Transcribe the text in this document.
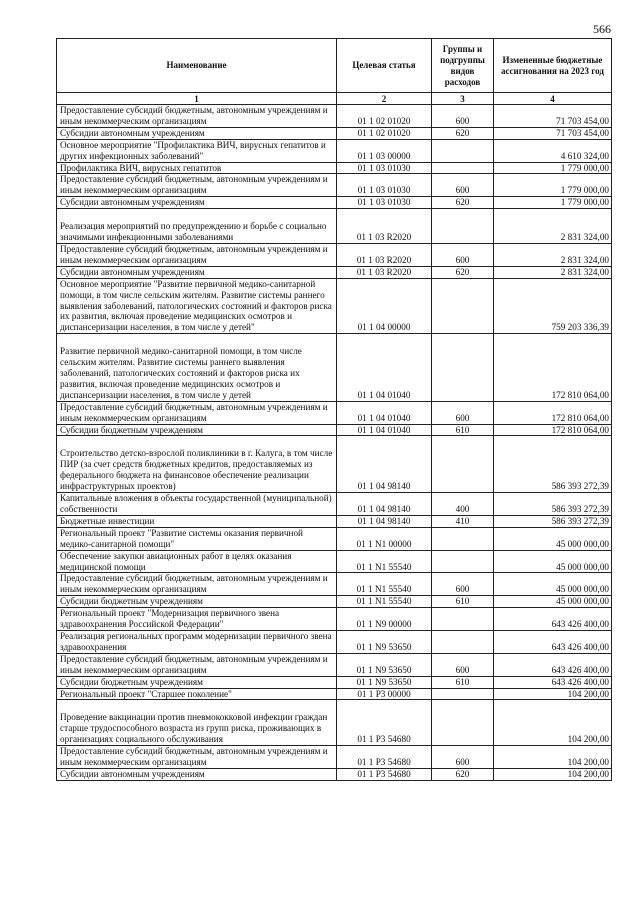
566
Наименование	Целевая статья	Группы и подгруппы видов расходов	Измененные бюджетные ассигнования на 2023 год
1	2	3	4
Предоставление субсидий бюджетным, автономным учреждениям и иным некоммерческим организациям	01 1 02 01020	600	71 703 454,00
Субсидии автономным учреждениям	01 1 02 01020	620	71 703 454,00
Основное мероприятие "Профилактика ВИЧ, вирусных гепатитов и других инфекционных заболеваний"	01 1 03 00000		4 610 324,00
Профилактика ВИЧ, вирусных гепатитов	01 1 03 01030		1 779 000,00
Предоставление субсидий бюджетным, автономным учреждениям и иным некоммерческим организациям	01 1 03 01030	600	1 779 000,00
Субсидии автономным учреждениям	01 1 03 01030	620	1 779 000,00
Реализация мероприятий по предупреждению и борьбе с социально значимыми инфекционными заболеваниями	01 1 03 R2020		2 831 324,00
Предоставление субсидий бюджетным, автономным учреждениям и иным некоммерческим организациям	01 1 03 R2020	600	2 831 324,00
Субсидии автономным учреждениям	01 1 03 R2020	620	2 831 324,00
Основное мероприятие "Развитие первичной медико-санитарной помощи, в том числе сельским жителям. Развитие системы раннего выявления заболеваний, патологических состояний и факторов риска их развития, включая проведение медицинских осмотров и диспансеризации населения, в том числе у детей"	01 1 04 00000		759 203 336,39
Развитие первичной медико-санитарной помощи, в том числе сельским жителям. Развитие системы раннего выявления заболеваний, патологических состояний и факторов риска их развития, включая проведение медицинских осмотров и диспансеризации населения, в том числе у детей	01 1 04 01040		172 810 064,00
Предоставление субсидий бюджетным, автономным учреждениям и иным некоммерческим организациям	01 1 04 01040	600	172 810 064,00
Субсидии бюджетным учреждениям	01 1 04 01040	610	172 810 064,00
Строительство детско-взрослой поликлиники в г. Калуга, в том числе ПИР (за счет средств бюджетных кредитов, предоставляемых из федерального бюджета на финансовое обеспечение реализации инфраструктурных проектов)	01 1 04 98140		586 393 272,39
Капитальные вложения в объекты государственной (муниципальной) собственности	01 1 04 98140	400	586 393 272,39
Бюджетные инвестиции	01 1 04 98140	410	586 393 272,39
Региональный проект "Развитие системы оказания первичной медико-санитарной помощи"	01 1 N1 00000		45 000 000,00
Обеспечение закупки авиационных работ в целях оказания медицинской помощи	01 1 N1 55540		45 000 000,00
Предоставление субсидий бюджетным, автономным учреждениям и иным некоммерческим организациям	01 1 N1 55540	600	45 000 000,00
Субсидии бюджетным учреждениям	01 1 N1 55540	610	45 000 000,00
Региональный проект "Модернизация первичного звена здравоохранения Российской Федерации"	01 1 N9 00000		643 426 400,00
Реализация региональных программ модернизации первичного звена здравоохранения	01 1 N9 53650		643 426 400,00
Предоставление субсидий бюджетным, автономным учреждениям и иным некоммерческим организациям	01 1 N9 53650	600	643 426 400,00
Субсидии бюджетным учреждениям	01 1 N9 53650	610	643 426 400,00
Региональный проект "Старшее поколение"	01 1 P3 00000		104 200,00
Проведение вакцинации против пневмококковой инфекции граждан старше трудоспособного возраста из групп риска, проживающих в организациях социального обслуживания	01 1 P3 54680		104 200,00
Предоставление субсидий бюджетным, автономным учреждениям и иным некоммерческим организациям	01 1 P3 54680	600	104 200,00
Субсидии автономным учреждениям	01 1 P3 54680	620	104 200,00
